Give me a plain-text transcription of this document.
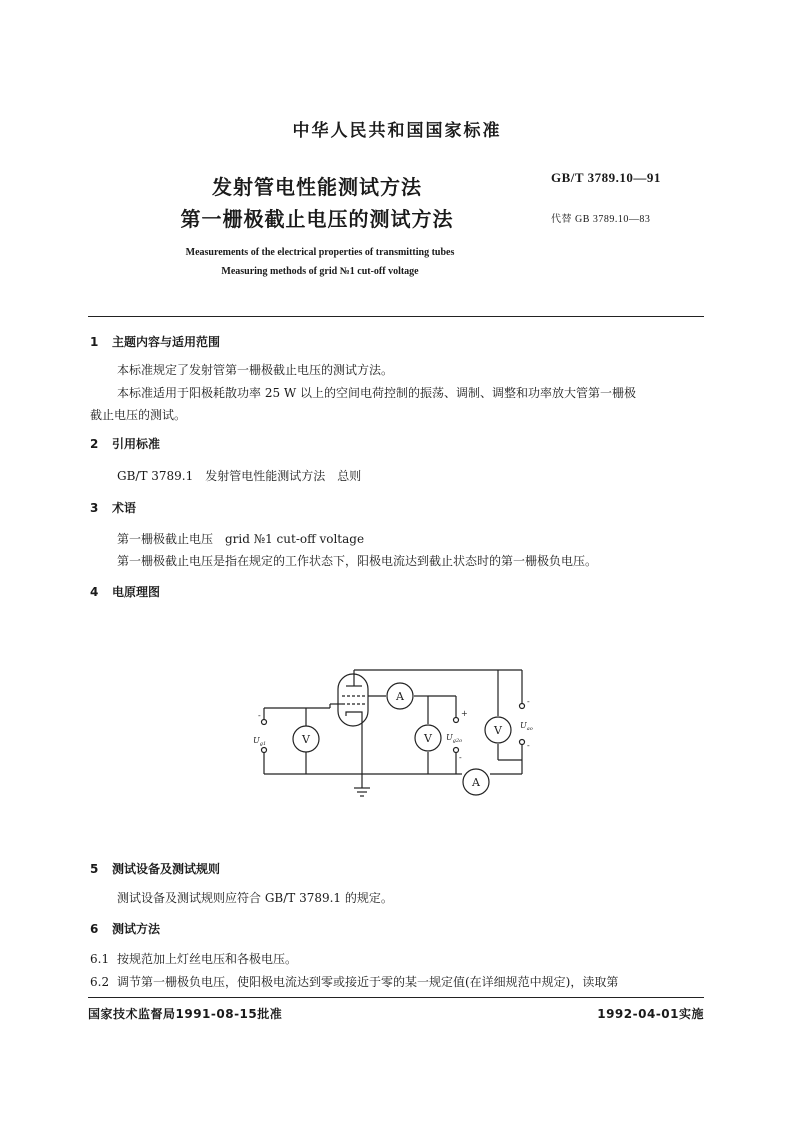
中华人民共和国国家标准
发射管电性能测试方法
第一栅极截止电压的测试方法
GB/T 3789.10—91
代替 GB 3789.10—83
Measurements of the electrical properties of transmitting tubes
Measuring methods of grid №1 cut-off voltage
1 主题内容与适用范围
本标准规定了发射管第一栅极截止电压的测试方法。
本标准适用于阳极耗散功率 25 W 以上的空间电荷控制的振荡、调制、调整和功率放大管第一栅极
截止电压的测试。
2 引用标准
GB/T 3789.1　发射管电性能测试方法　总则
3 术语
第一栅极截止电压　grid №1 cut-off voltage
第一栅极截止电压是指在规定的工作状态下，阳极电流达到截止状态时的第一栅极负电压。
4 电原理图
V
A
V
V
A
$U_{g1}$
$U_{g2o}$
$U_{ao}$
-	+
-
-
-
5 测试设备及测试规则
测试设备及测试规则应符合 GB/T 3789.1 的规定。
6 测试方法
6.1 按规范加上灯丝电压和各极电压。
6.2 调节第一栅极负电压，使阳极电流达到零或接近于零的某一规定值(在详细规范中规定)，读取第
国家技术监督局1991-08-15批准	1992-04-01实施
